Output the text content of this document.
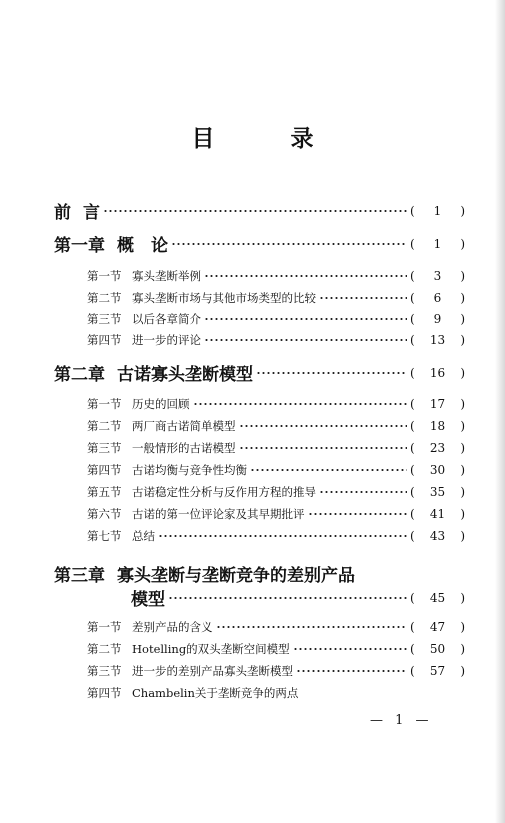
目 录
前 言	(	1	)
第一章 概　论	(	1	)
第一节 寡头垄断举例	(	3	)
第二节 寡头垄断市场与其他市场类型的比较	(	6	)
第三节 以后各章简介	(	9	)
第四节 进一步的评论	(	13	)
第二章 古诺寡头垄断模型	(	16	)
第一节 历史的回顾	(	17	)
第二节 两厂商古诺简单模型	(	18	)
第三节 一般情形的古诺模型	(	23	)
第四节 古诺均衡与竞争性均衡	(	30	)
第五节 古诺稳定性分析与反作用方程的推导	(	35	)
第六节 古诺的第一位评论家及其早期批评	(	41	)
第七节 总结	(	43	)
第三章 寡头垄断与垄断竞争的差别产品
模型	(	45	)
第一节 差别产品的含义	(	47	)
第二节 Hotelling的双头垄断空间模型	(	50	)
第三节 进一步的差别产品寡头垄断模型	(	57	)
第四节 Chambelin关于垄断竞争的两点
— 1 —
